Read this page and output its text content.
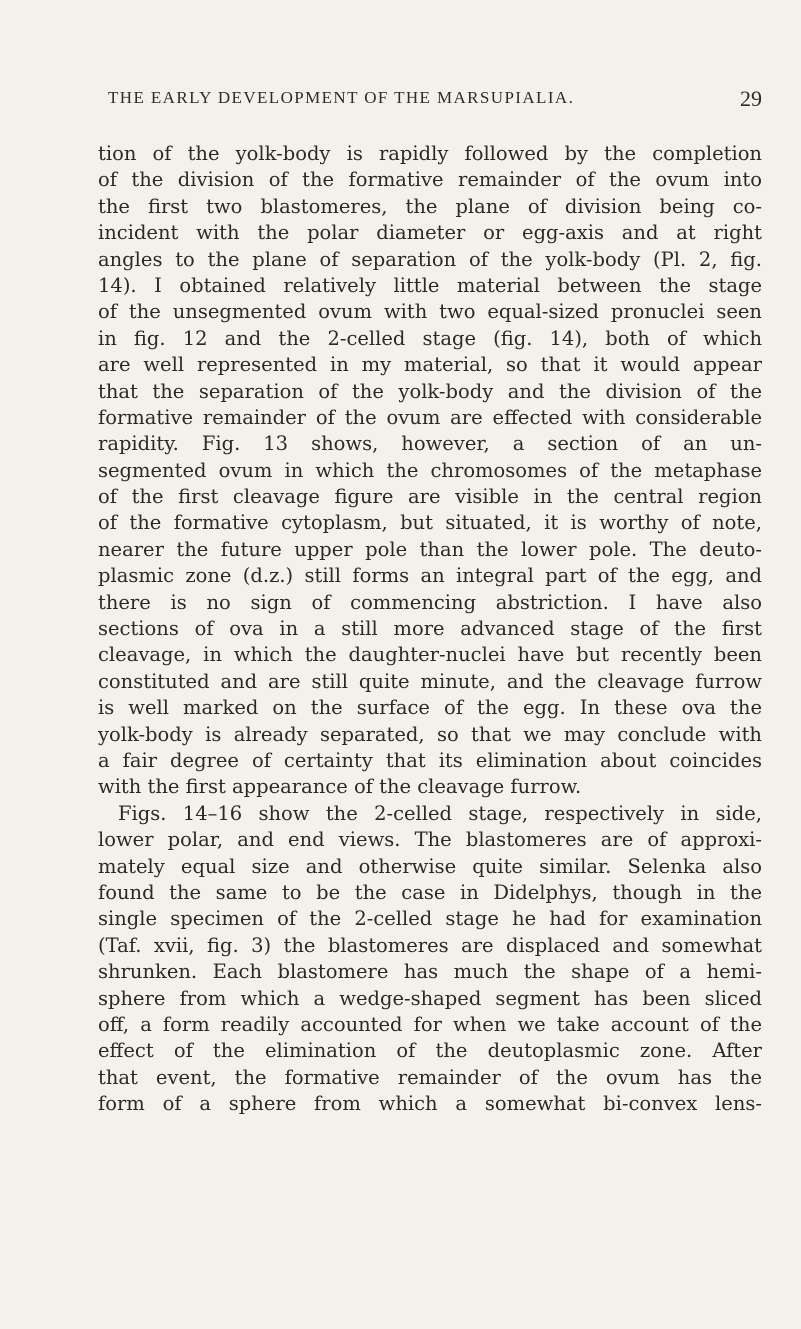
THE EARLY DEVELOPMENT OF THE MARSUPIALIA.	29
tion of the yolk-body is rapidly followed by the completion
of the division of the formative remainder of the ovum into
the first two blastomeres, the plane of division being co-
incident with the polar diameter or egg-axis and at right
angles to the plane of separation of the yolk-body (Pl. 2, fig.
14). I obtained relatively little material between the stage
of the unsegmented ovum with two equal-sized pronuclei seen
in fig. 12 and the 2-celled stage (fig. 14), both of which
are well represented in my material, so that it would appear
that the separation of the yolk-body and the division of the
formative remainder of the ovum are effected with considerable
rapidity. Fig. 13 shows, however, a section of an un-
segmented ovum in which the chromosomes of the metaphase
of the first cleavage figure are visible in the central region
of the formative cytoplasm, but situated, it is worthy of note,
nearer the future upper pole than the lower pole. The deuto-
plasmic zone (d.z.) still forms an integral part of the egg, and
there is no sign of commencing abstriction. I have also
sections of ova in a still more advanced stage of the first
cleavage, in which the daughter-nuclei have but recently been
constituted and are still quite minute, and the cleavage furrow
is well marked on the surface of the egg. In these ova the
yolk-body is already separated, so that we may conclude with
a fair degree of certainty that its elimination about coincides
with the first appearance of the cleavage furrow.
Figs. 14–16 show the 2-celled stage, respectively in side,
lower polar, and end views. The blastomeres are of approxi-
mately equal size and otherwise quite similar. Selenka also
found the same to be the case in Didelphys, though in the
single specimen of the 2-celled stage he had for examination
(Taf. xvii, fig. 3) the blastomeres are displaced and somewhat
shrunken. Each blastomere has much the shape of a hemi-
sphere from which a wedge-shaped segment has been sliced
off, a form readily accounted for when we take account of the
effect of the elimination of the deutoplasmic zone. After
that event, the formative remainder of the ovum has the
form of a sphere from which a somewhat bi-convex lens-
